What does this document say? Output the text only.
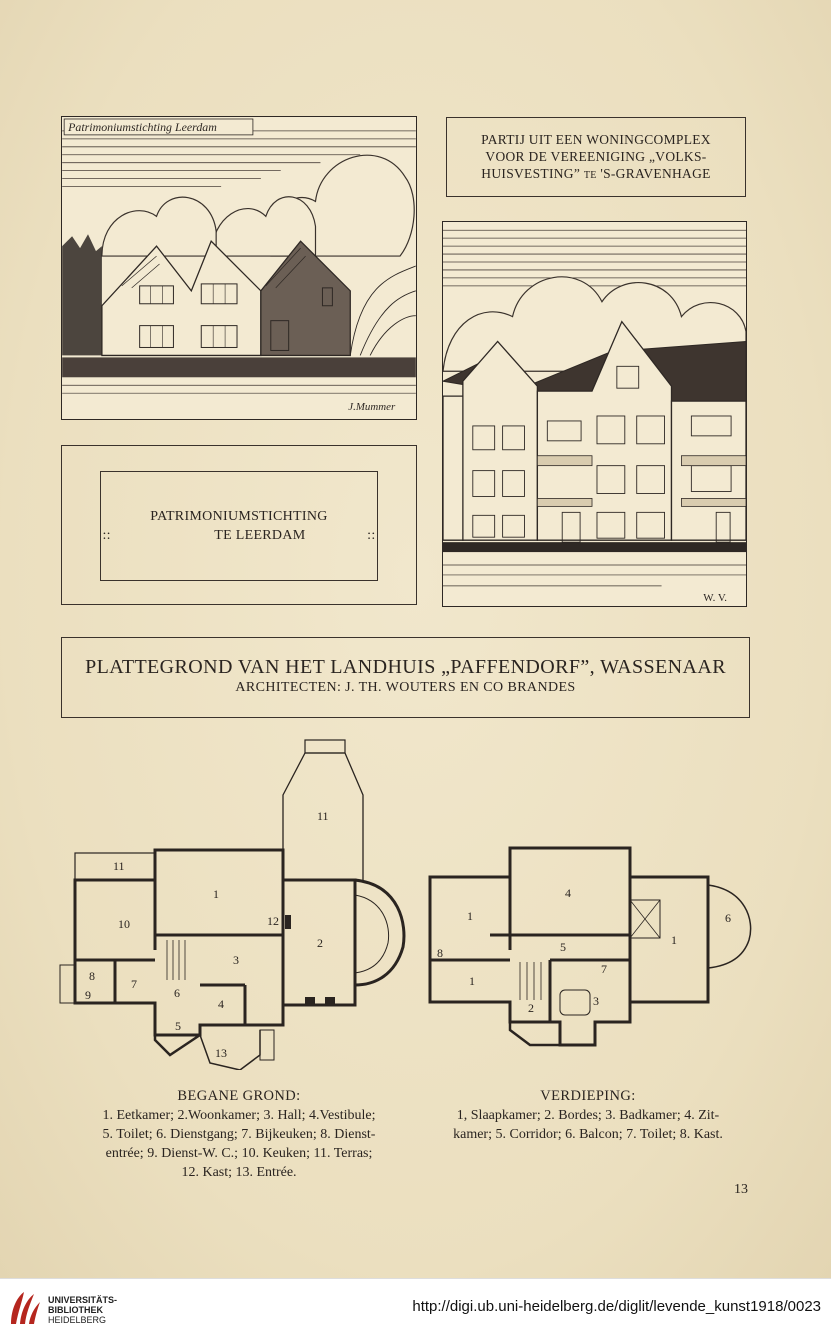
J.Mummer
Patrimoniumstichting Leerdam
PARTIJ UIT EEN WONINGCOMPLEX
VOOR DE VEREENIGING „VOLKS-
HUISVESTING” TE 'S-GRAVENHAGE
W. V.
PATRIMONIUMSTICHTING
::	TE LEERDAM	::
PLATTEGROND VAN HET LANDHUIS „PAFFENDORF”, WASSENAAR
ARCHITECTEN: J. TH. WOUTERS EN CO BRANDES
11
11
1
10
2
3
8
7
6
9
4
5
13
12
4
1	6
1
5
1
7
8
2	3
BEGANE GROND:
1. Eetkamer; 2.Woonkamer; 3. Hall; 4.Vestibule;
5. Toilet; 6. Dienstgang; 7. Bijkeuken; 8. Dienst-
entrée; 9. Dienst-W. C.; 10. Keuken; 11. Terras;
12. Kast; 13. Entrée.
VERDIEPING:
1, Slaapkamer; 2. Bordes; 3. Badkamer; 4. Zit-
kamer; 5. Corridor; 6. Balcon; 7. Toilet; 8. Kast.
13
UNIVERSITÄTS-
BIBLIOTHEK
HEIDELBERG
http://digi.ub.uni-heidelberg.de/diglit/levende_kunst1918/0023
